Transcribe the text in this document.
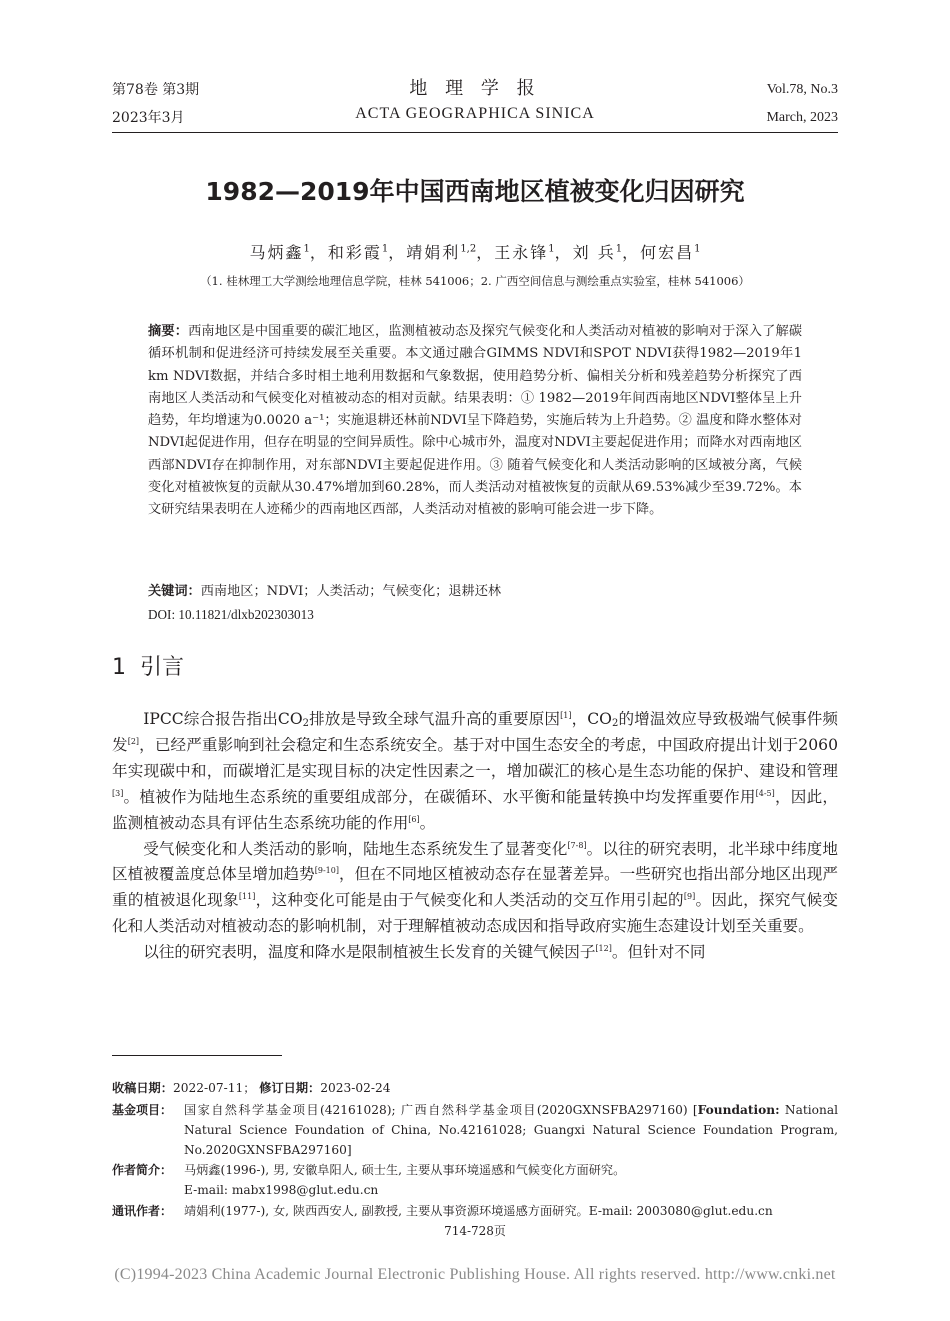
第78卷 第3期
2023年3月
地 理 学 报
ACTA GEOGRAPHICA SINICA
Vol.78, No.3
March, 2023
1982—2019年中国西南地区植被变化归因研究
马炳鑫$^1$，和彩霞$^1$，靖娟利$^{1,2}$，王永锋$^1$，刘 兵$^1$，何宏昌$^1$
（1. 桂林理工大学测绘地理信息学院，桂林 541006；2. 广西空间信息与测绘重点实验室，桂林 541006）
摘要：西南地区是中国重要的碳汇地区，监测植被动态及探究气候变化和人类活动对植被的影响对于深入了解碳循环机制和促进经济可持续发展至关重要。本文通过融合GIMMS NDVI和SPOT NDVI获得1982—2019年1 km NDVI数据，并结合多时相土地利用数据和气象数据，使用趋势分析、偏相关分析和残差趋势分析探究了西南地区人类活动和气候变化对植被动态的相对贡献。结果表明：① 1982—2019年间西南地区NDVI整体呈上升趋势，年均增速为0.0020 a⁻¹；实施退耕还林前NDVI呈下降趋势，实施后转为上升趋势。② 温度和降水整体对NDVI起促进作用，但存在明显的空间异质性。除中心城市外，温度对NDVI主要起促进作用；而降水对西南地区西部NDVI存在抑制作用，对东部NDVI主要起促进作用。③ 随着气候变化和人类活动影响的区域被分离，气候变化对植被恢复的贡献从30.47%增加到60.28%，而人类活动对植被恢复的贡献从69.53%减少至39.72%。本文研究结果表明在人迹稀少的西南地区西部，人类活动对植被的影响可能会进一步下降。
关键词：西南地区；NDVI；人类活动；气候变化；退耕还林
DOI: 10.11821/dlxb202303013
1 引言

IPCC综合报告指出$CO_2$排放是导致全球气温升高的重要原因[1]，$CO_2$的增温效应导致极端气候事件频发[2]，已经严重影响到社会稳定和生态系统安全。基于对中国生态安全的考虑，中国政府提出计划于2060年实现碳中和，而碳增汇是实现目标的决定性因素之一，增加碳汇的核心是生态功能的保护、建设和管理[3]。植被作为陆地生态系统的重要组成部分，在碳循环、水平衡和能量转换中均发挥重要作用[4-5]，因此，监测植被动态具有评估生态系统功能的作用[6]。

受气候变化和人类活动的影响，陆地生态系统发生了显著变化[7-8]。以往的研究表明，北半球中纬度地区植被覆盖度总体呈增加趋势[9-10]，但在不同地区植被动态存在显著差异。一些研究也指出部分地区出现严重的植被退化现象[11]，这种变化可能是由于气候变化和人类活动的交互作用引起的[9]。因此，探究气候变化和人类活动对植被动态的影响机制，对于理解植被动态成因和指导政府实施生态建设计划至关重要。

以往的研究表明，温度和降水是限制植被生长发育的关键气候因子[12]。但针对不同

收稿日期：2022-07-11； 修订日期：2023-02-24
基金项目： 国家自然科学基金项目(42161028); 广西自然科学基金项目(2020GXNSFBA297160) [Foundation: National Natural Science Foundation of China, No.42161028; Guangxi Natural Science Foundation Program, No.2020GXNSFBA297160]
作者简介： 马炳鑫(1996-), 男, 安徽阜阳人, 硕士生, 主要从事环境遥感和气候变化方面研究。
E-mail: mabx1998@glut.edu.cn
通讯作者： 靖娟利(1977-), 女, 陕西西安人, 副教授, 主要从事资源环境遥感方面研究。E-mail: 2003080@glut.edu.cn
714-728页
(C)1994-2023 China Academic Journal Electronic Publishing House. All rights reserved. http://www.cnki.net
